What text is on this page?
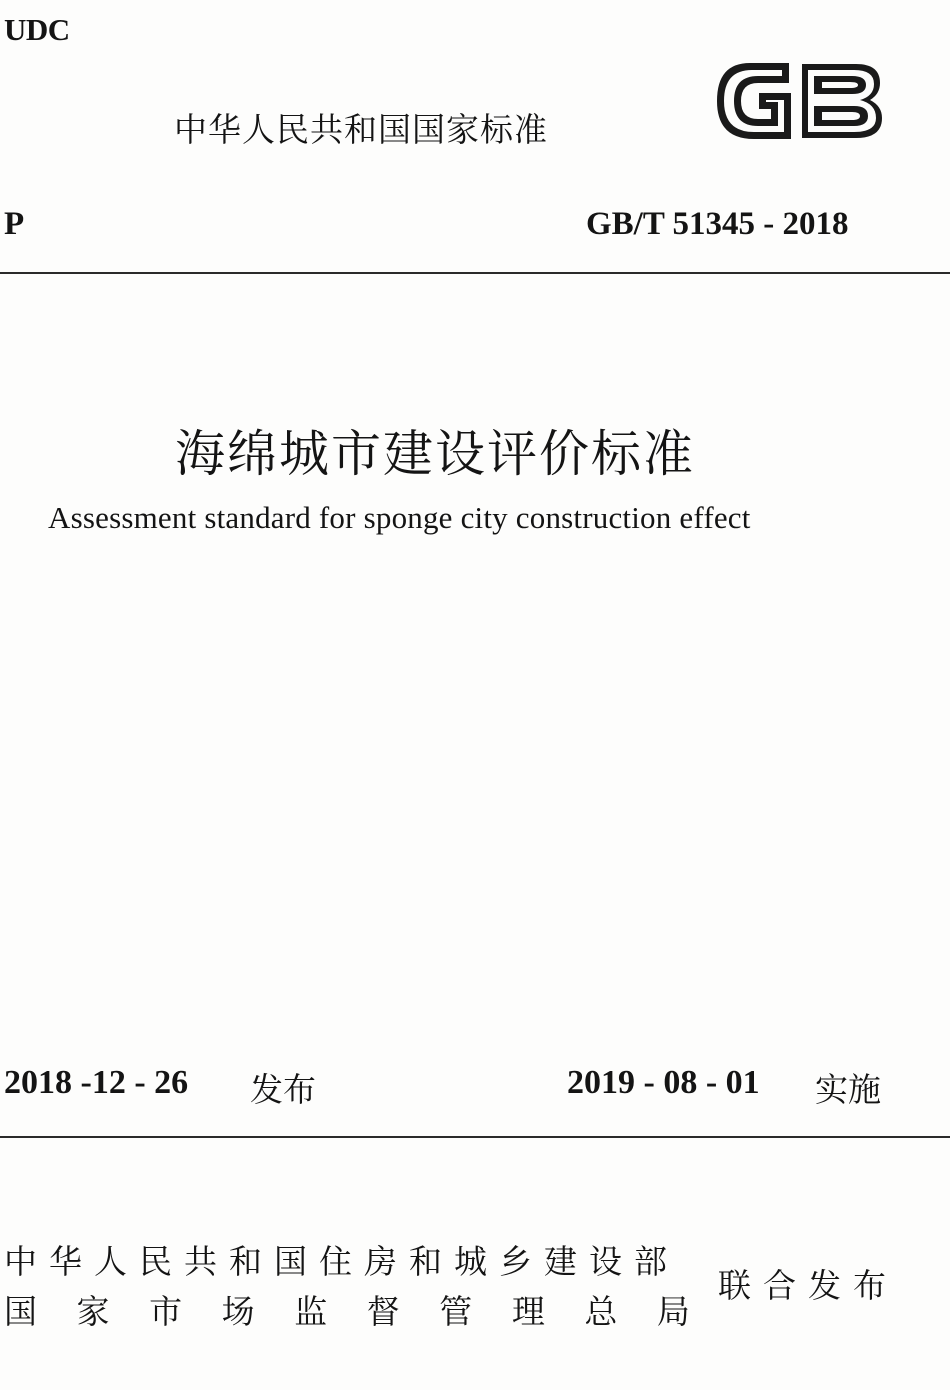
UDC
中华人民共和国国家标准
P	GB/T 51345 - 2018
海绵城市建设评价标准
Assessment standard for sponge city construction effect
2018 -12 - 26 发布	2019 - 08 - 01 实施
中华人民共和国住房和城乡建设部
国 家 市 场 监 督 管 理 总 局
联合发布
